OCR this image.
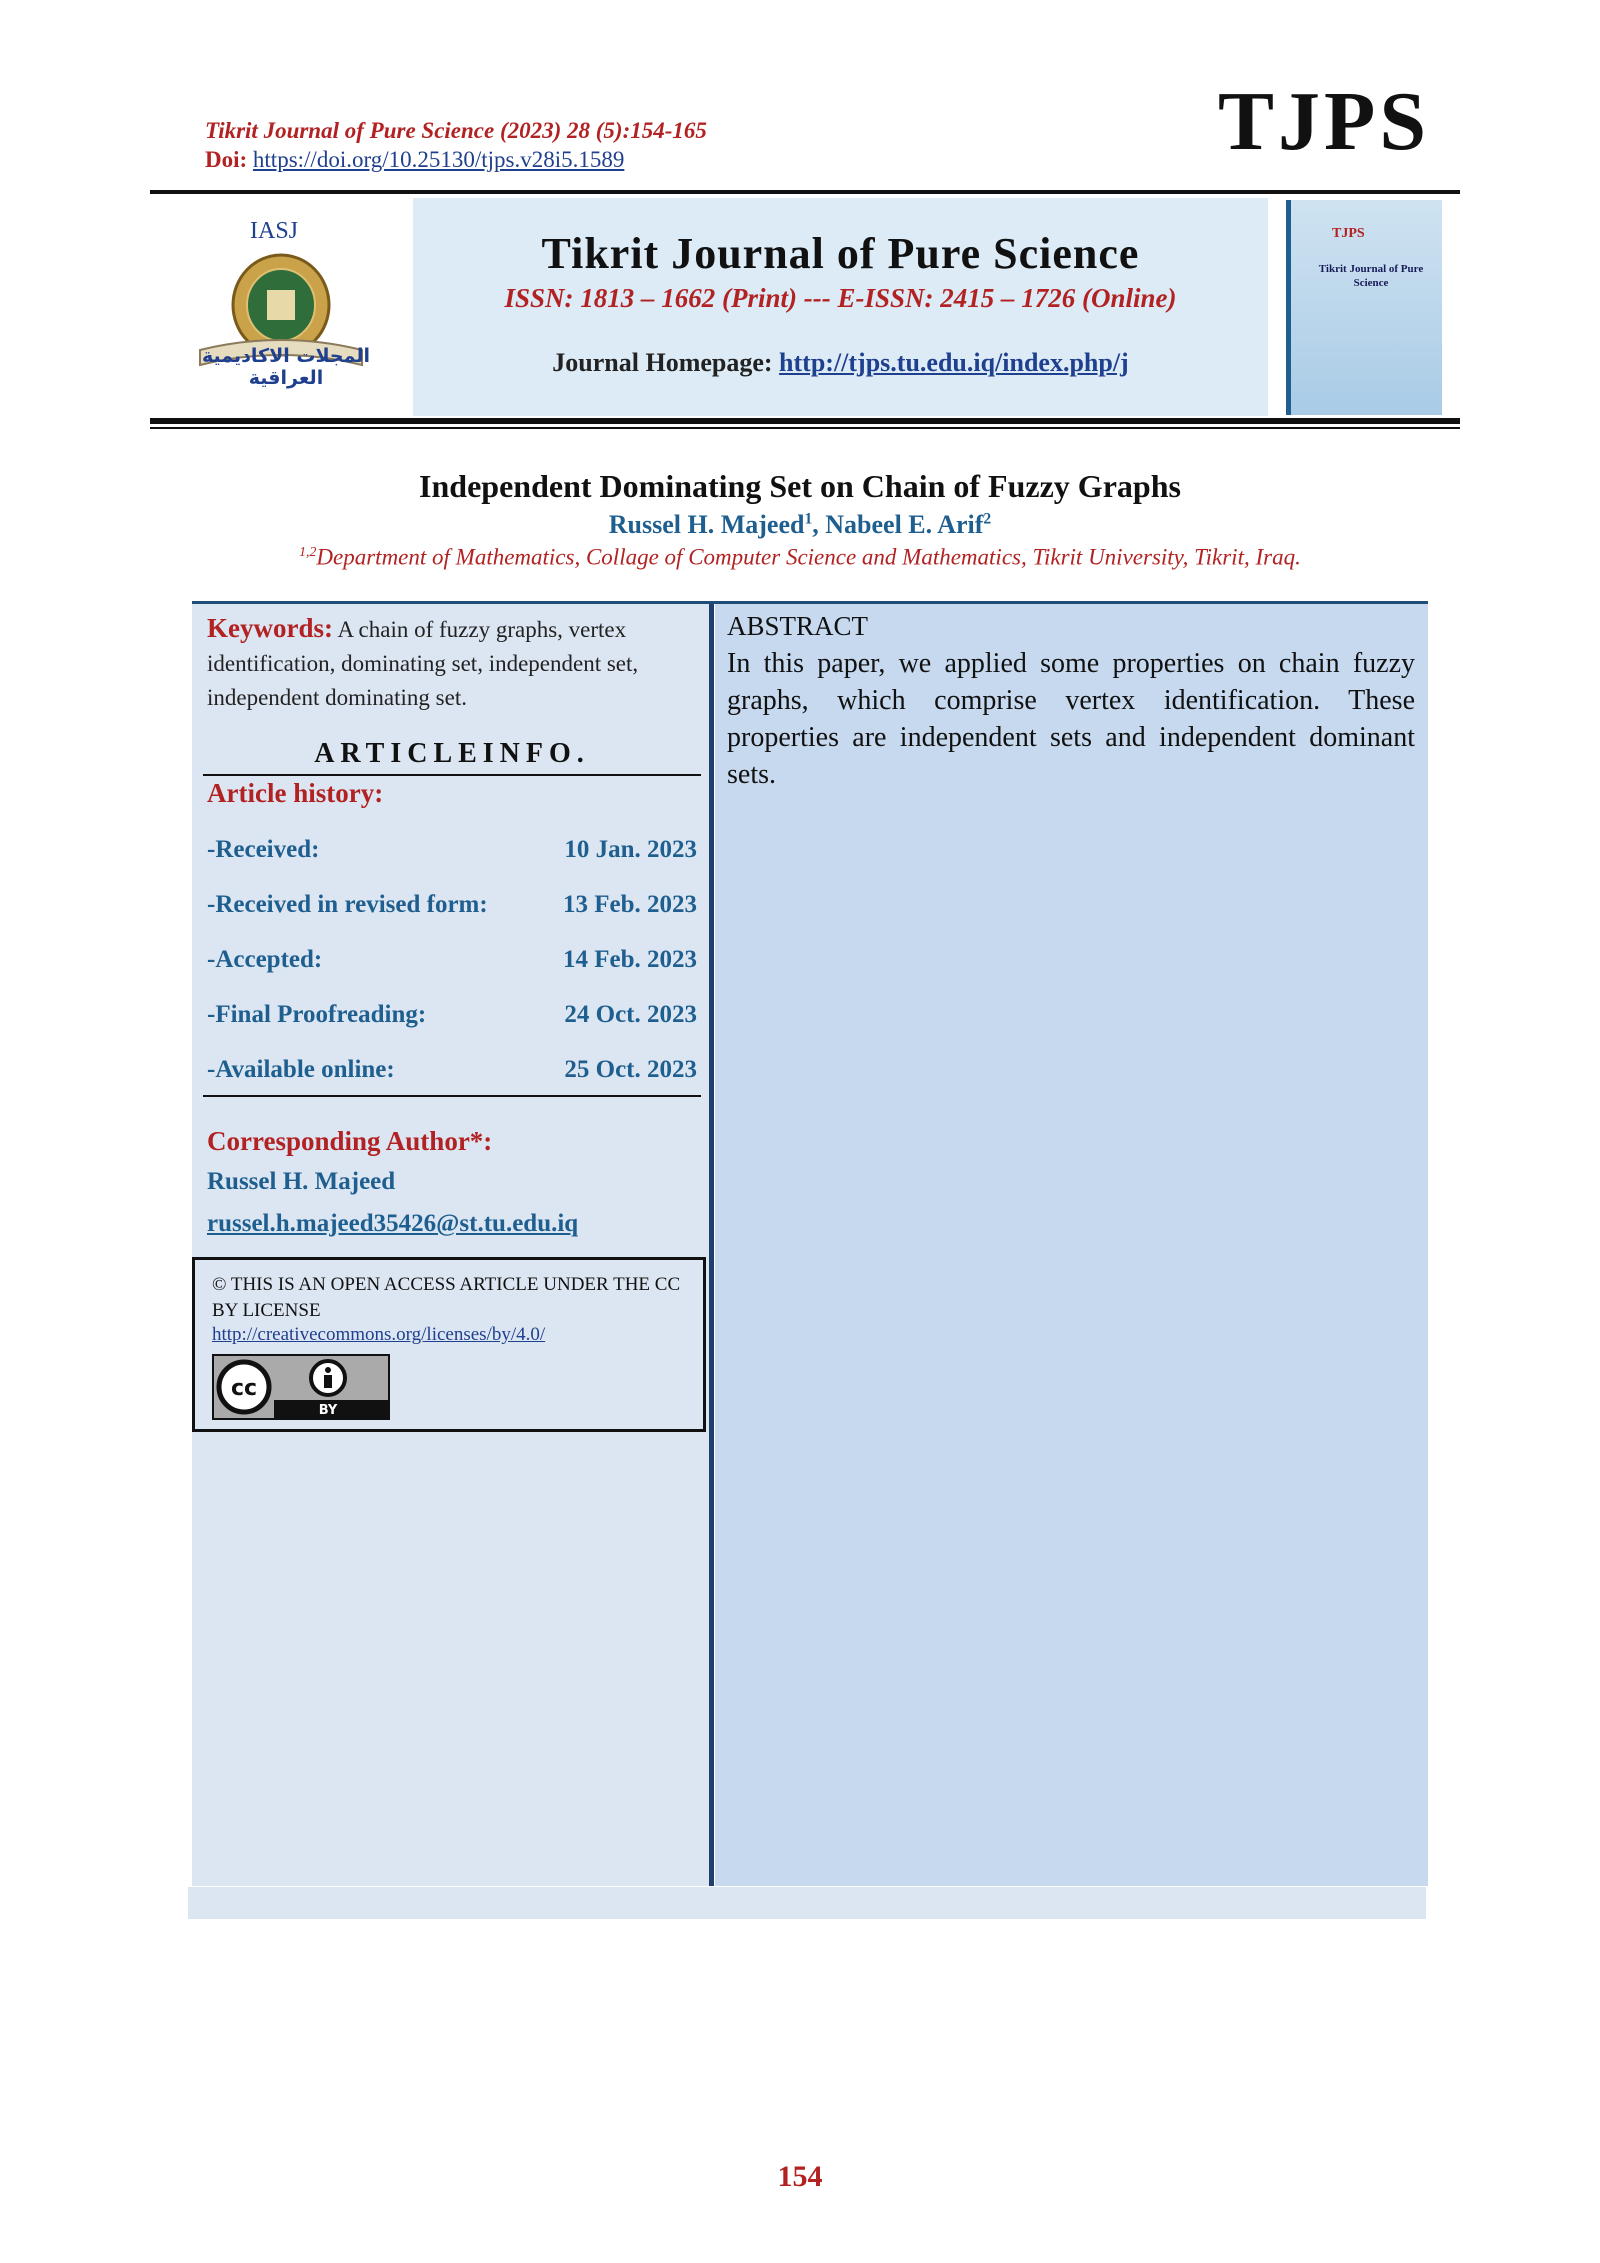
Tikrit Journal of Pure Science (2023) 28 (5):154-165
Doi: https://doi.org/10.25130/tjps.v28i5.1589	TJPS
IASJ
المجلات الاكاديمية العراقية
Tikrit Journal of Pure Science
ISSN: 1813 – 1662 (Print) --- E-ISSN: 2415 – 1726 (Online)
Journal Homepage: http://tjps.tu.edu.iq/index.php/j
TJPS
Tikrit Journal of Pure Science
Independent Dominating Set on Chain of Fuzzy Graphs
Russel H. Majeed$^1$, Nabeel E. Arif$^2$
$^{1,2}$Department of Mathematics, Collage of Computer Science and Mathematics, Tikrit University, Tikrit, Iraq.
Keywords: A chain of fuzzy graphs, vertex identification, dominating set, independent set, independent dominating set.
ARTICLEINFO.
Article history:
-Received:	10 Jan. 2023
-Received in revised form:	13 Feb. 2023
-Accepted:	14 Feb. 2023
-Final Proofreading:	24 Oct. 2023
-Available online:	25 Oct. 2023
Corresponding Author*:
Russel H. Majeed
russel.h.majeed35426@st.tu.edu.iq
© THIS IS AN OPEN ACCESS ARTICLE UNDER THE CC BY LICENSE
http://creativecommons.org/licenses/by/4.0/
cc
BY
ABSTRACT
In this paper, we applied some properties on chain fuzzy graphs, which comprise vertex identification. These properties are independent sets and independent dominant sets.
154
